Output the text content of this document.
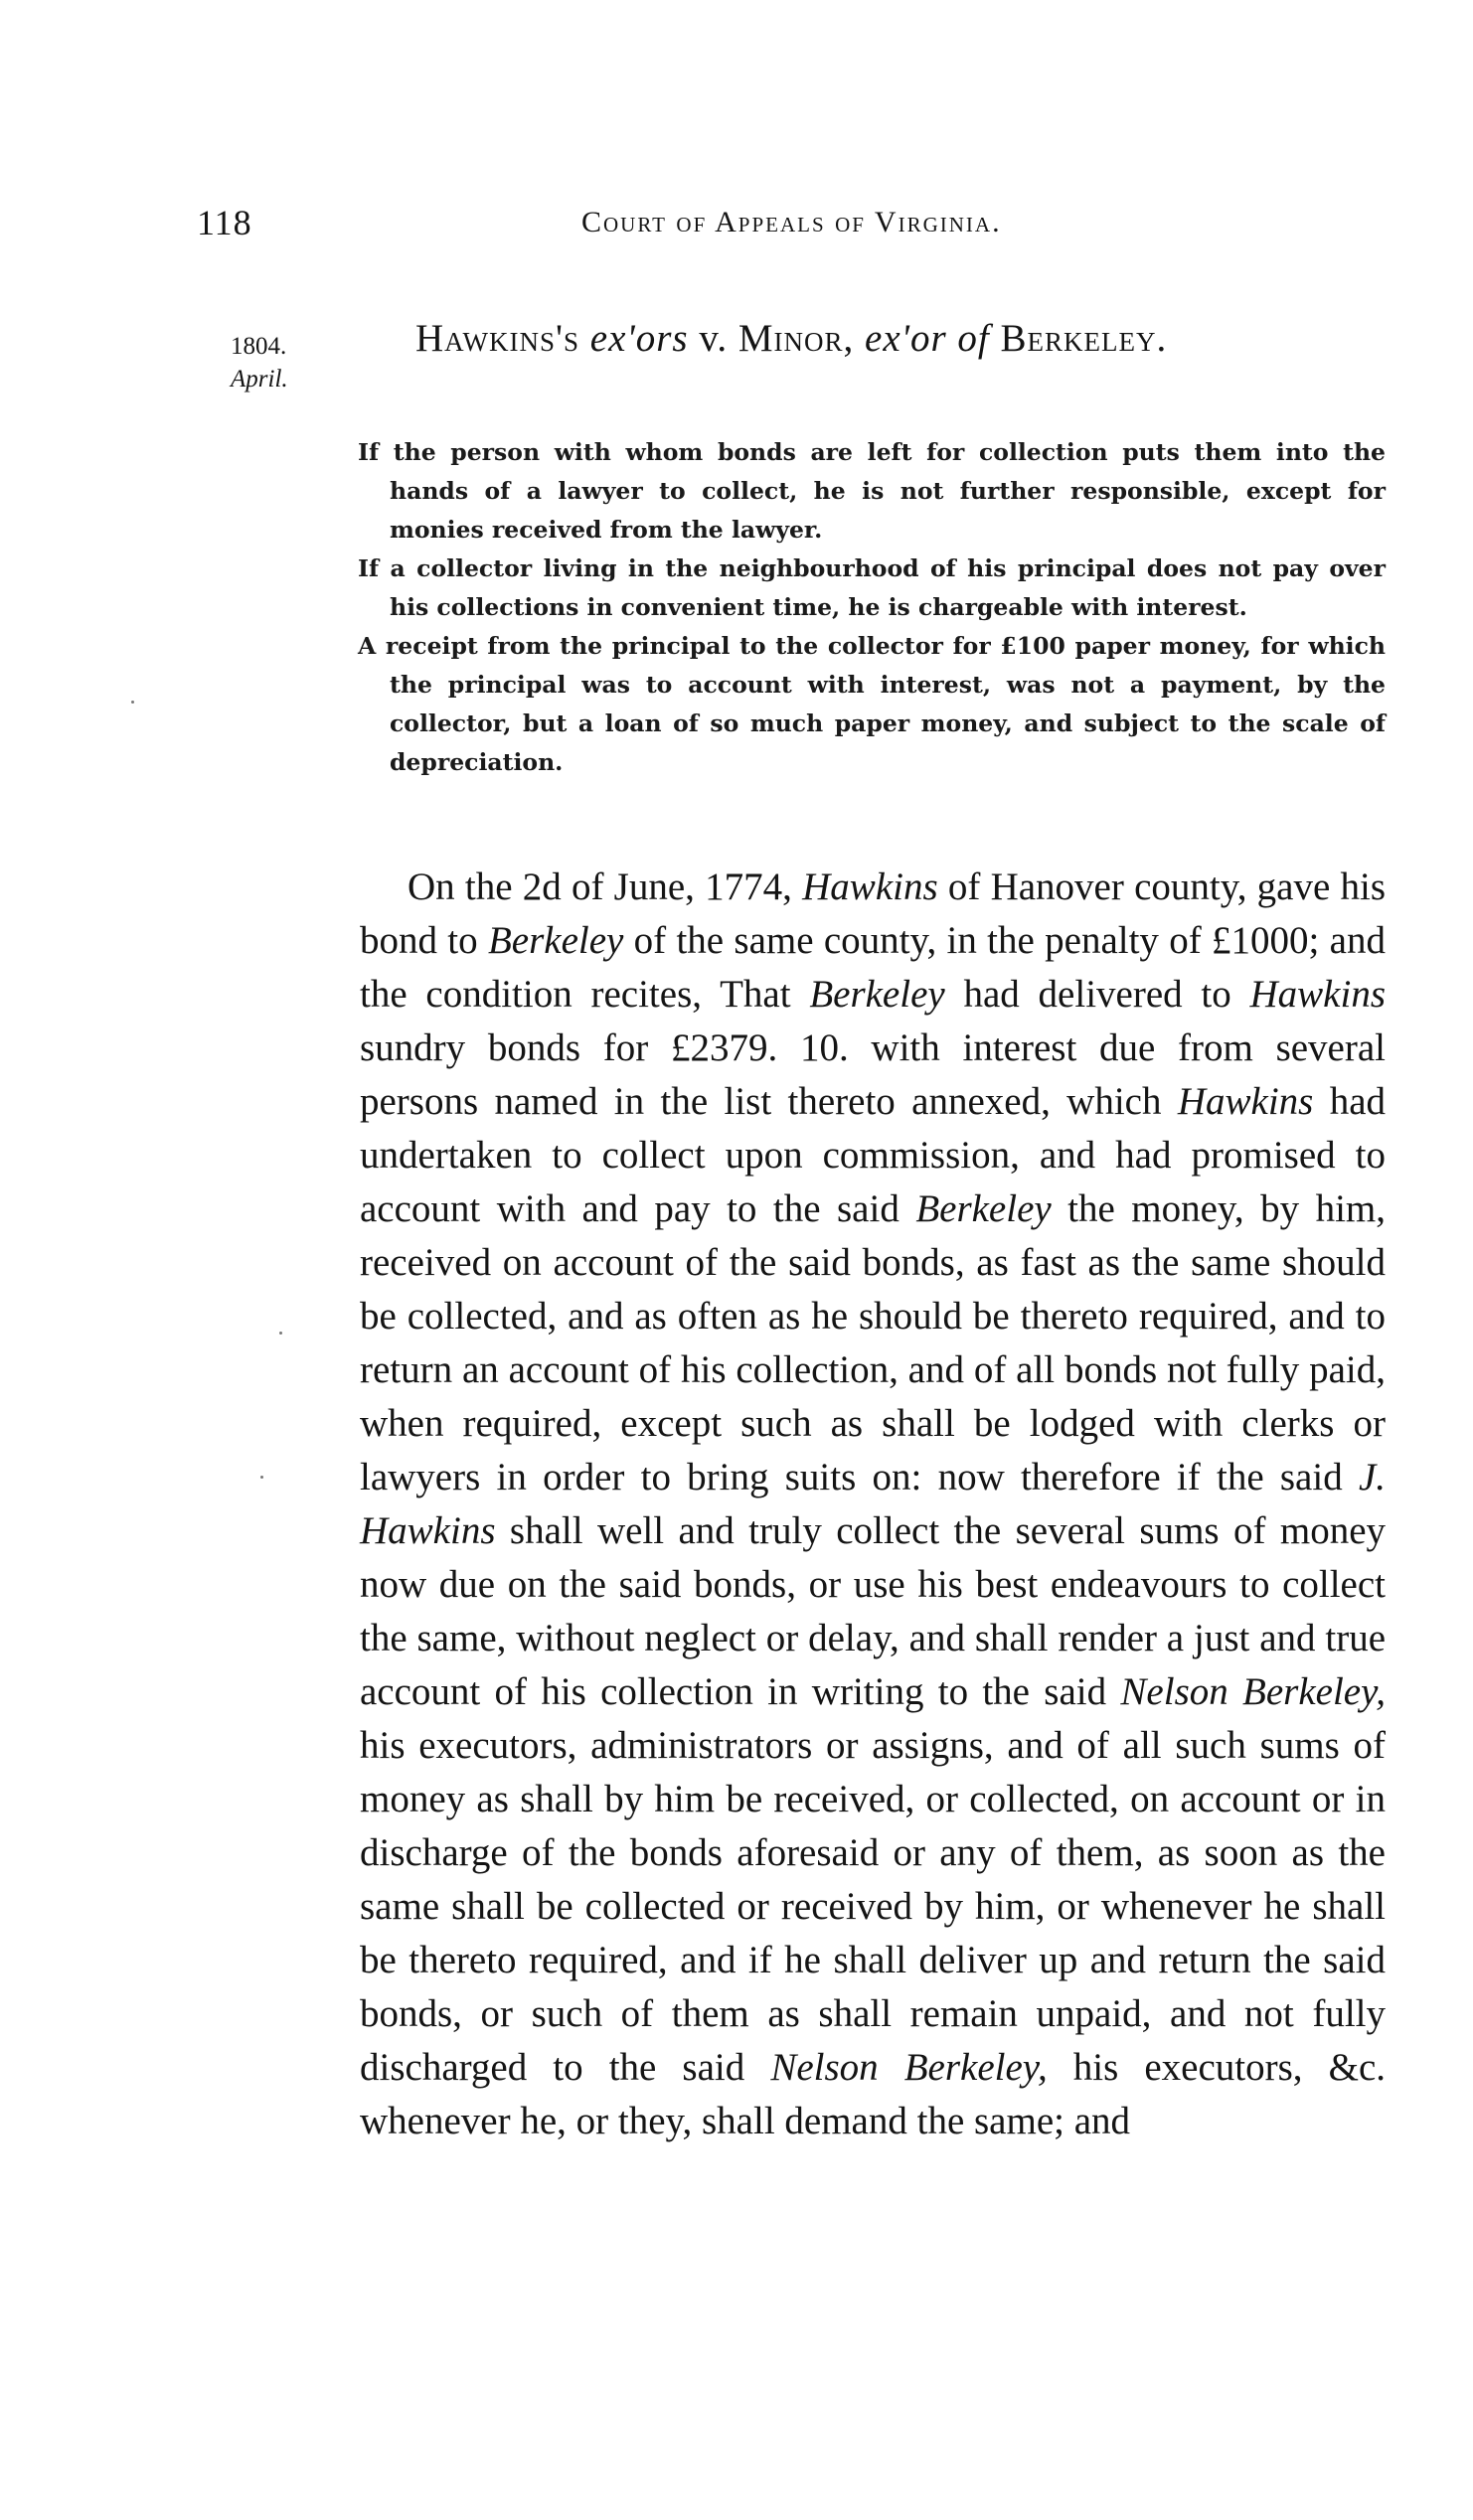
118	Court of Appeals of Virginia.
1804.
April.
Hawkins's ex'ors v. Minor, ex'or of Berkeley.

If the person with whom bonds are left for collection puts them into the hands of a lawyer to collect, he is not further responsible, except for monies received from the lawyer.

If a collector living in the neighbourhood of his principal does not pay over his collections in convenient time, he is chargeable with interest.

A receipt from the principal to the collector for £100 paper money, for which the principal was to account with interest, was not a payment, by the collector, but a loan of so much paper money, and subject to the scale of depreciation.

On the 2d of June, 1774, Hawkins of Hanover county, gave his bond to Berkeley of the same county, in the penalty of £1000; and the condition recites, That Berkeley had delivered to Hawkins sundry bonds for £2379. 10. with interest due from several persons named in the list thereto annexed, which Hawkins had undertaken to collect upon commission, and had promised to account with and pay to the said Berkeley the money, by him, received on account of the said bonds, as fast as the same should be collected, and as often as he should be thereto required, and to return an account of his collection, and of all bonds not fully paid, when required, except such as shall be lodged with clerks or lawyers in order to bring suits on: now therefore if the said J. Hawkins shall well and truly collect the several sums of money now due on the said bonds, or use his best endeavours to collect the same, without neglect or delay, and shall render a just and true account of his collection in writing to the said Nelson Berkeley, his executors, administrators or assigns, and of all such sums of money as shall by him be received, or collected, on account or in discharge of the bonds aforesaid or any of them, as soon as the same shall be collected or received by him, or whenever he shall be thereto required, and if he shall deliver up and return the said bonds, or such of them as shall remain unpaid, and not fully discharged to the said Nelson Berkeley, his executors, &c. whenever he, or they, shall demand the same; and
